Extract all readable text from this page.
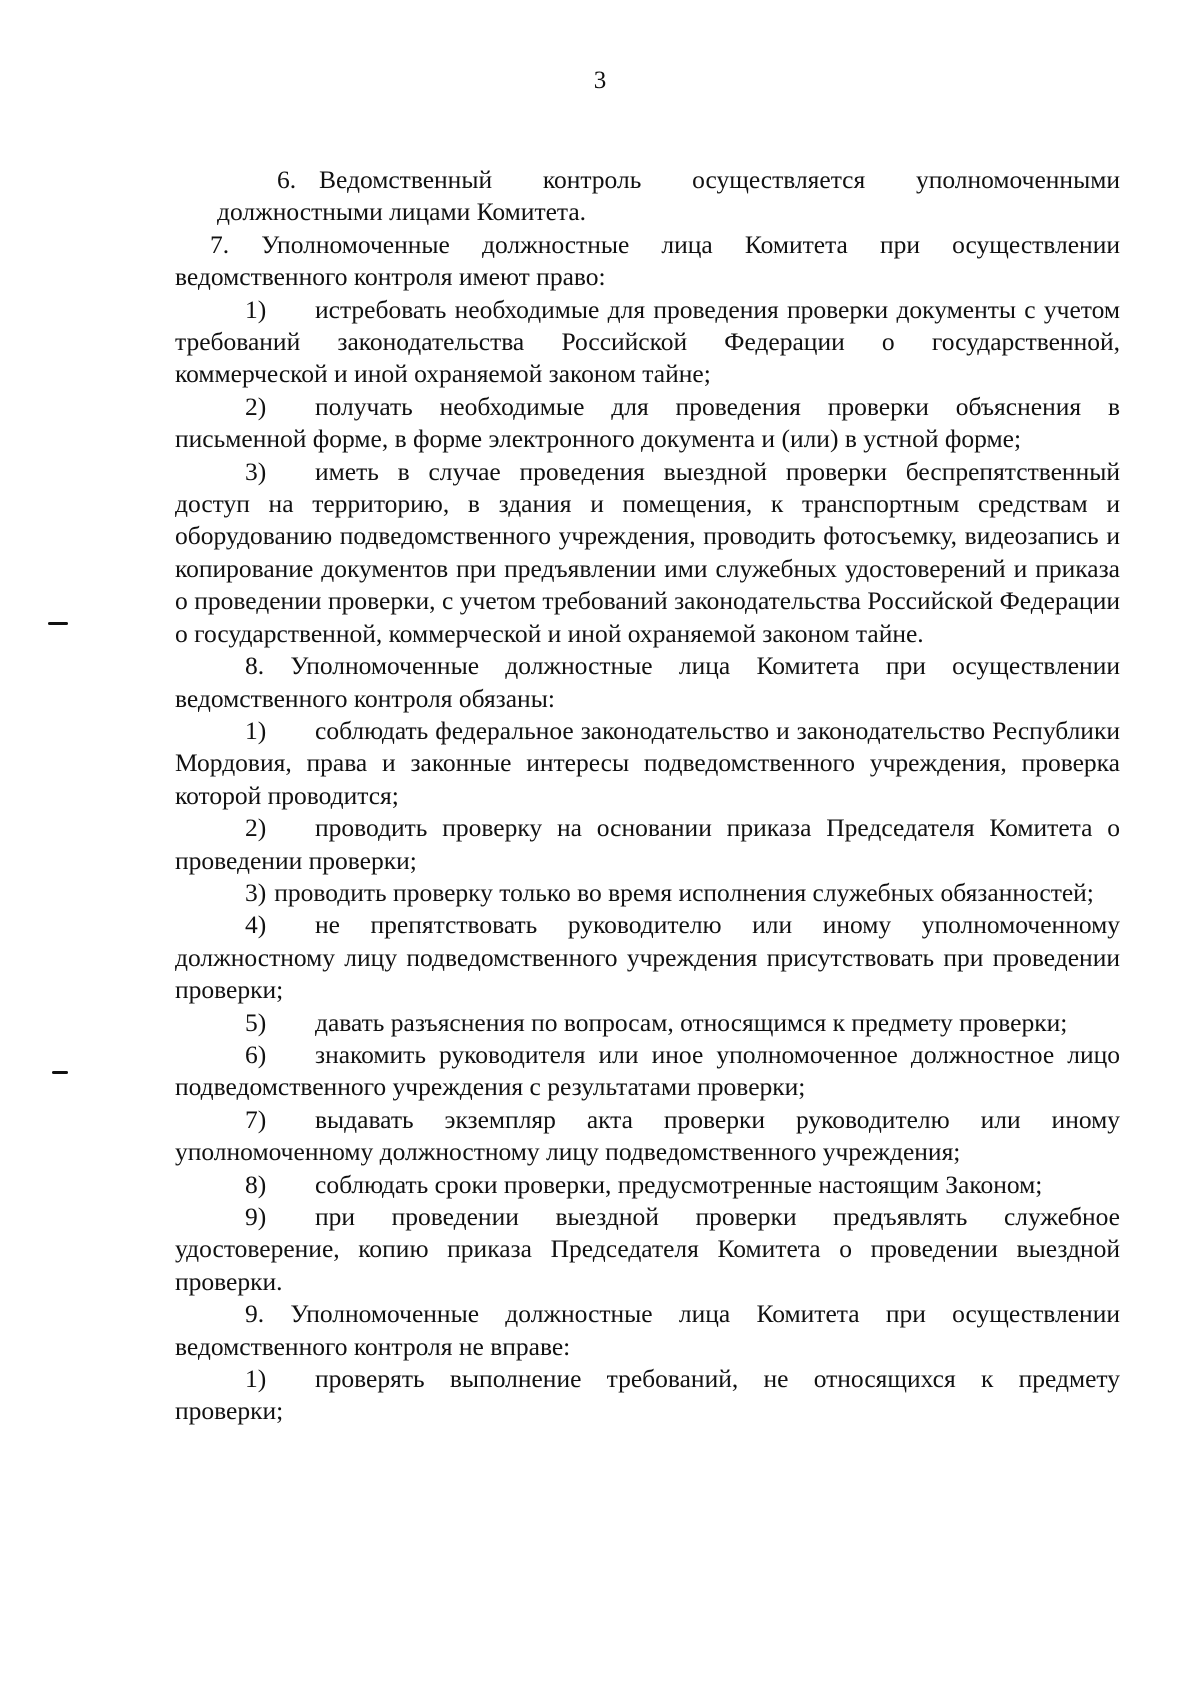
3

6. Ведомственный контроль осуществляется уполномоченными должностными лицами Комитета.

7. Уполномоченные должностные лица Комитета при осуществлении ведомственного контроля имеют право:

1) истребовать необходимые для проведения проверки документы с учетом требований законодательства Российской Федерации о государственной, коммерческой и иной охраняемой законом тайне;

2) получать необходимые для проведения проверки объяснения в письменной форме, в форме электронного документа и (или) в устной форме;

3) иметь в случае проведения выездной проверки беспрепятственный доступ на территорию, в здания и помещения, к транспортным средствам и оборудованию подведомственного учреждения, проводить фотосъемку, видеозапись и копирование документов при предъявлении ими служебных удостоверений и приказа о проведении проверки, с учетом требований законодательства Российской Федерации о государственной, коммерческой и иной охраняемой законом тайне.

8. Уполномоченные должностные лица Комитета при осуществлении ведомственного контроля обязаны:

1) соблюдать федеральное законодательство и законодательство Республики Мордовия, права и законные интересы подведомственного учреждения, проверка которой проводится;

2) проводить проверку на основании приказа Председателя Комитета о проведении проверки;

3) проводить проверку только во время исполнения служебных обязанностей;

4) не препятствовать руководителю или иному уполномоченному должностному лицу подведомственного учреждения присутствовать при проведении проверки;

5) давать разъяснения по вопросам, относящимся к предмету проверки;

6) знакомить руководителя или иное уполномоченное должностное лицо подведомственного учреждения с результатами проверки;

7) выдавать экземпляр акта проверки руководителю или иному уполномоченному должностному лицу подведомственного учреждения;

8) соблюдать сроки проверки, предусмотренные настоящим Законом;

9) при проведении выездной проверки предъявлять служебное удостоверение, копию приказа Председателя Комитета о проведении выездной проверки.

9. Уполномоченные должностные лица Комитета при осуществлении ведомственного контроля не вправе:

1) проверять выполнение требований, не относящихся к предмету проверки;
